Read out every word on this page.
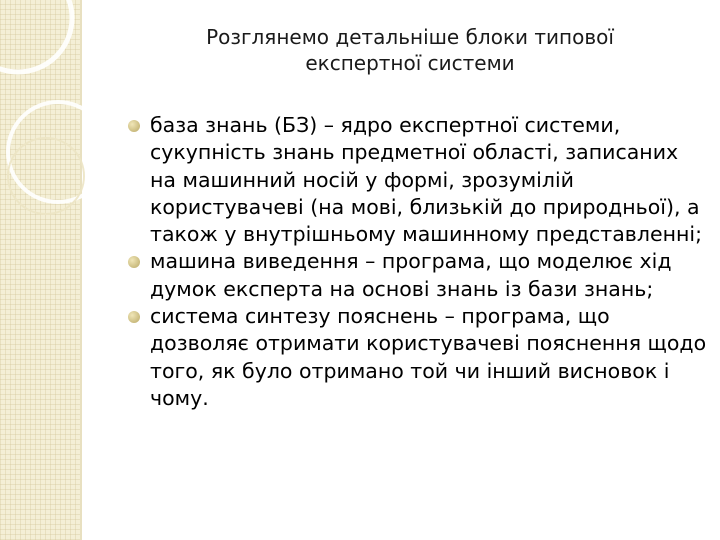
Розглянемо детальніше блоки типової
експертної системи
база знань (БЗ) – ядро експертної системи, сукупність знань предметної області, записаних на машинний носій у формі, зрозумілій користувачеві (на мові, близькій до природньої), а також у внутрішньому машинному представленні;
машина виведення – програма, що моделює хід думок експерта на основі знань із бази знань;
система синтезу пояснень – програма, що дозволяє отримати користувачеві пояснення щодо того, як було отримано той чи інший висновок і чому.
